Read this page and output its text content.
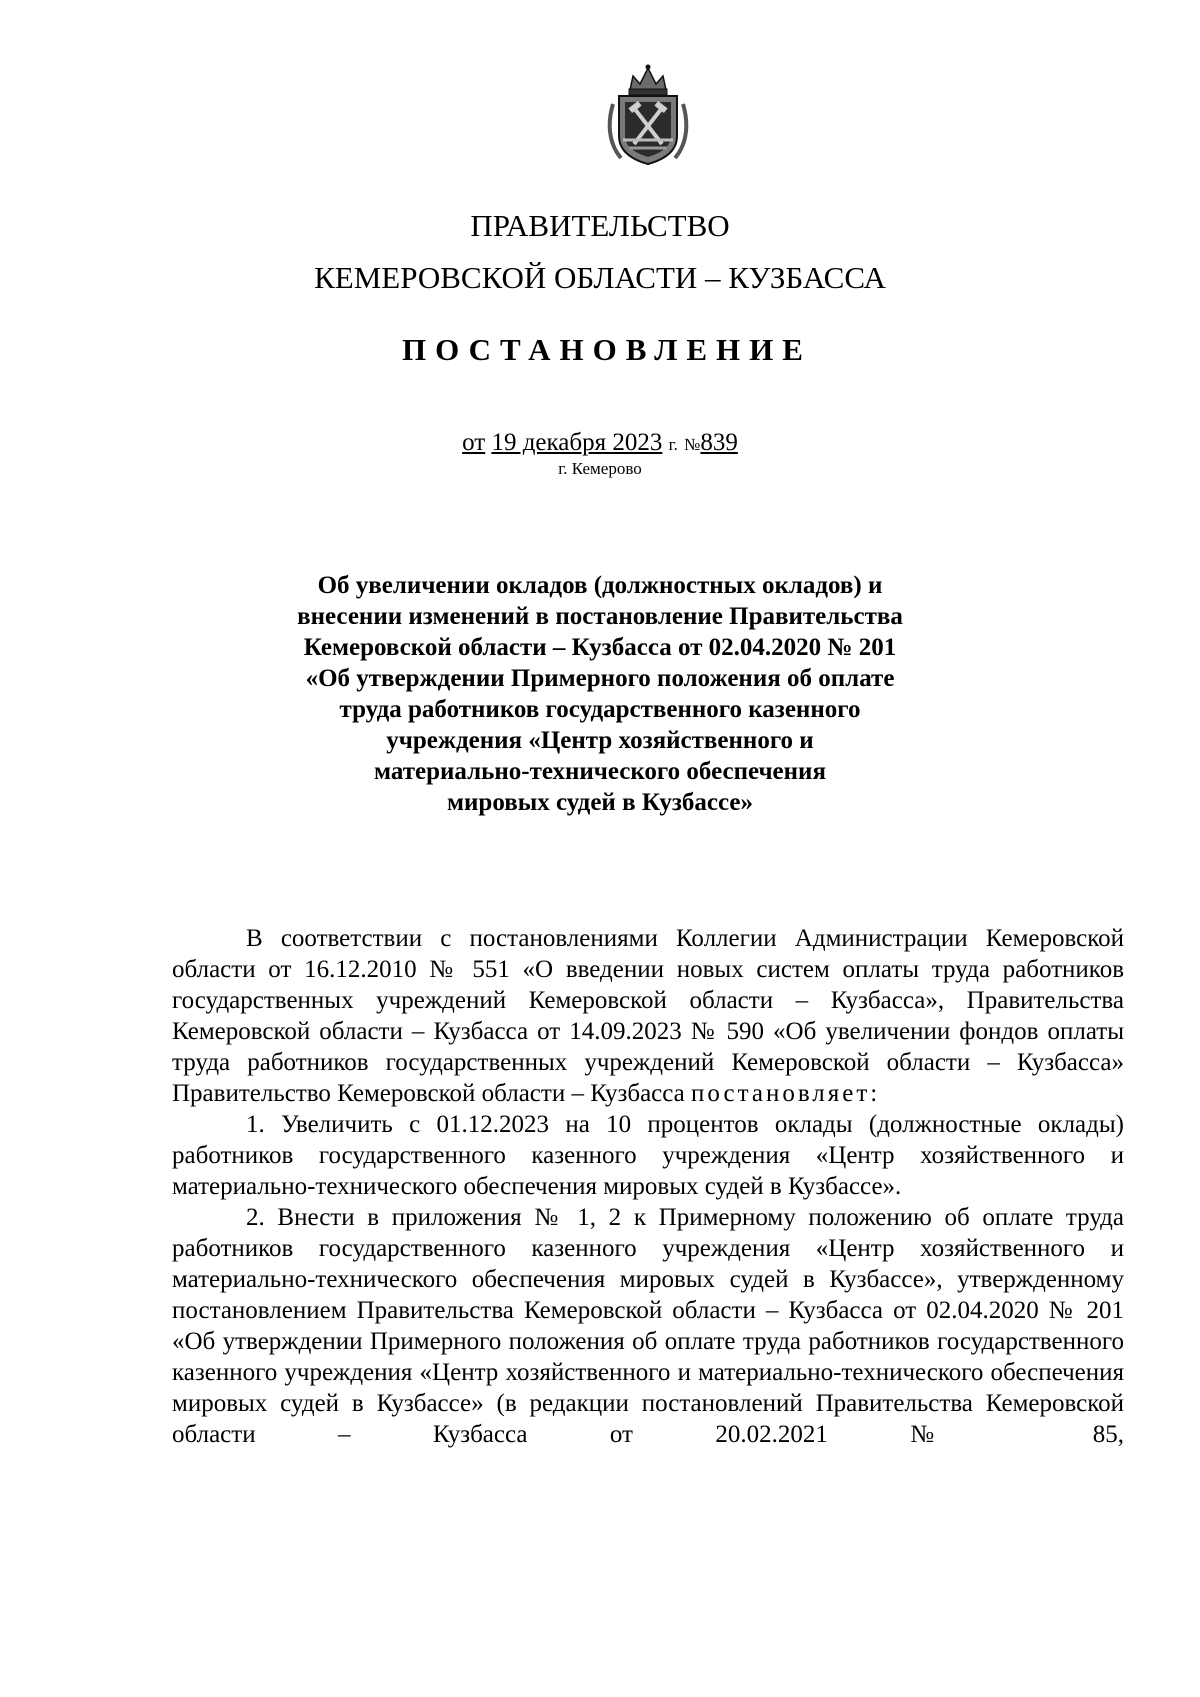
ПРАВИТЕЛЬСТВО
КЕМЕРОВСКОЙ ОБЛАСТИ – КУЗБАССА
ПОСТАНОВЛЕНИЕ
от 19 декабря 2023 г. №839
г. Кемерово
Об увеличении окладов (должностных окладов) и
внесении изменений в постановление Правительства
Кемеровской области – Кузбасса от 02.04.2020 № 201
«Об утверждении Примерного положения об оплате
труда работников государственного казенного
учреждения «Центр хозяйственного и
материально-технического обеспечения
мировых судей в Кузбассе»

В соответствии с постановлениями Коллегии Администрации Кемеровской области от 16.12.2010 № 551 «О введении новых систем оплаты труда работников государственных учреждений Кемеровской области – Кузбасса», Правительства Кемеровской области – Кузбасса от 14.09.2023 № 590 «Об увеличении фондов оплаты труда работников государственных учреждений Кемеровской области – Кузбасса» Правительство Кемеровской области – Кузбасса постановляет:

1. Увеличить с 01.12.2023 на 10 процентов оклады (должностные оклады) работников государственного казенного учреждения «Центр хозяйственного и материально-технического обеспечения мировых судей в Кузбассе».

2. Внести в приложения № 1, 2 к Примерному положению об оплате труда работников государственного казенного учреждения «Центр хозяйственного и материально-технического обеспечения мировых судей в Кузбассе», утвержденному постановлением Правительства Кемеровской области – Кузбасса от 02.04.2020 № 201 «Об утверждении Примерного положения об оплате труда работников государственного казенного учреждения «Центр хозяйственного и материально-технического обеспечения мировых судей в Кузбассе» (в редакции постановлений Правительства Кемеровской области – Кузбасса от 20.02.2021 № 85,
